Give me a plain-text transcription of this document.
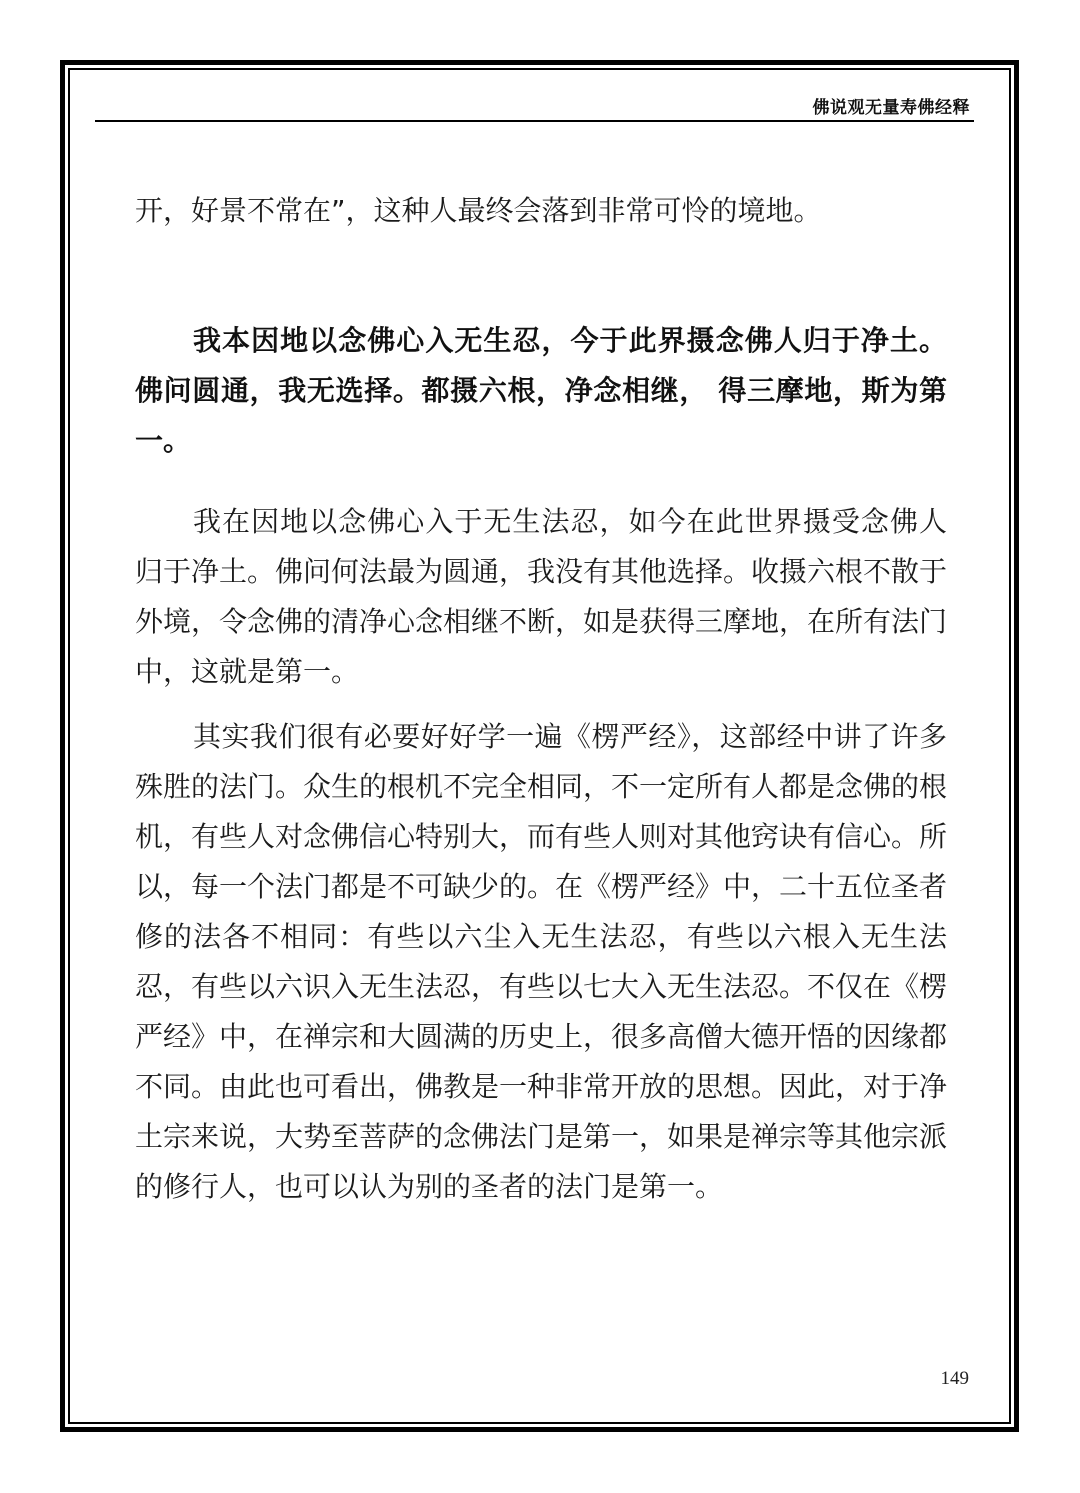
佛说观无量寿佛经释

开，好景不常在”，这种人最终会落到非常可怜的境地。

我本因地以念佛心入无生忍，今于此界摄念佛人归于净土。佛问圆通，我无选择。都摄六根，净念相继， 得三摩地，斯为第一。

我在因地以念佛心入于无生法忍，如今在此世界摄受念佛人归于净土。佛问何法最为圆通，我没有其他选择。收摄六根不散于外境，令念佛的清净心念相继不断，如是获得三摩地，在所有法门中，这就是第一。

其实我们很有必要好好学一遍《楞严经》，这部经中讲了许多殊胜的法门。众生的根机不完全相同，不一定所有人都是念佛的根机，有些人对念佛信心特别大，而有些人则对其他窍诀有信心。所以，每一个法门都是不可缺少的。在《楞严经》中，二十五位圣者修的法各不相同：有些以六尘入无生法忍，有些以六根入无生法忍，有些以六识入无生法忍，有些以七大入无生法忍。不仅在《楞严经》中，在禅宗和大圆满的历史上，很多高僧大德开悟的因缘都不同。由此也可看出，佛教是一种非常开放的思想。因此，对于净土宗来说，大势至菩萨的念佛法门是第一，如果是禅宗等其他宗派的修行人，也可以认为别的圣者的法门是第一。

149
